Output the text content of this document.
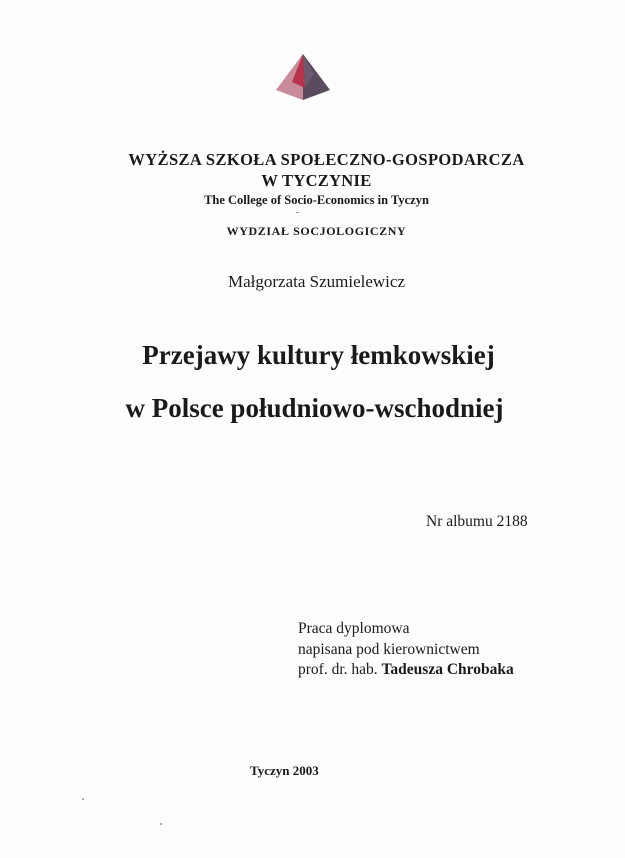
WYŻSZA SZKOŁA SPOŁECZNO-GOSPODARCZA
W TYCZYNIE
The College of Socio-Economics in Tyczyn
WYDZIAŁ SOCJOLOGICZNY
Małgorzata Szumielewicz
Przejawy kultury łemkowskiej
w Polsce południowo-wschodniej
Nr albumu 2188
Praca dyplomowa
napisana pod kierownictwem
prof. dr. hab. Tadeusza Chrobaka
Tyczyn 2003
